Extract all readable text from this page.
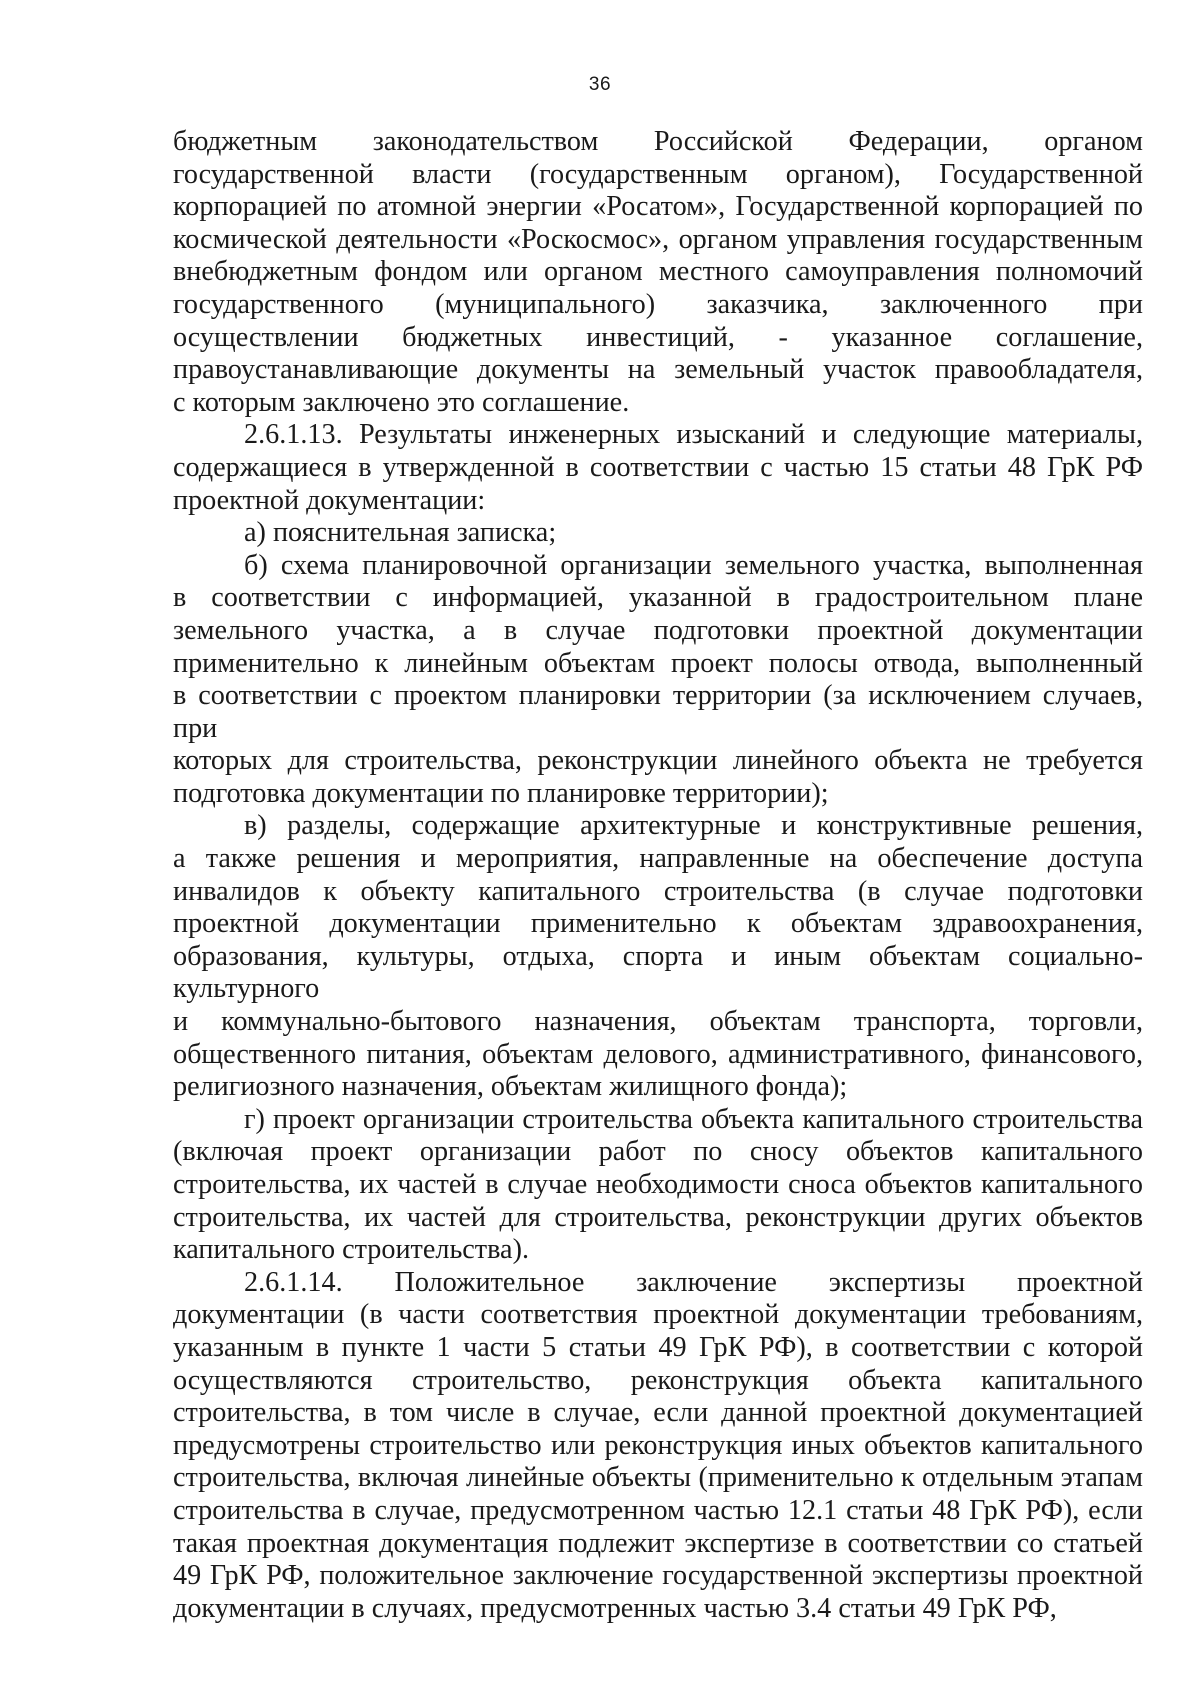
36

бюджетным законодательством Российской Федерации, органом
государственной власти (государственным органом), Государственной
корпорацией по атомной энергии «Росатом», Государственной корпорацией по
космической деятельности «Роскосмос», органом управления государственным
внебюджетным фондом или органом местного самоуправления полномочий
государственного (муниципального) заказчика, заключенного при
осуществлении бюджетных инвестиций, - указанное соглашение,
правоустанавливающие документы на земельный участок правообладателя,
с которым заключено это соглашение.

2.6.1.13. Результаты инженерных изысканий и следующие материалы,
содержащиеся в утвержденной в соответствии с частью 15 статьи 48 ГрК РФ
проектной документации:

а) пояснительная записка;

б) схема планировочной организации земельного участка, выполненная
в соответствии с информацией, указанной в градостроительном плане
земельного участка, а в случае подготовки проектной документации
применительно к линейным объектам проект полосы отвода, выполненный
в соответствии с проектом планировки территории (за исключением случаев, при
которых для строительства, реконструкции линейного объекта не требуется
подготовка документации по планировке территории);

в) разделы, содержащие архитектурные и конструктивные решения,
а также решения и мероприятия, направленные на обеспечение доступа
инвалидов к объекту капитального строительства (в случае подготовки
проектной документации применительно к объектам здравоохранения,
образования, культуры, отдыха, спорта и иным объектам социально-культурного
и коммунально-бытового назначения, объектам транспорта, торговли,
общественного питания, объектам делового, административного, финансового,
религиозного назначения, объектам жилищного фонда);

г) проект организации строительства объекта капитального строительства
(включая проект организации работ по сносу объектов капитального
строительства, их частей в случае необходимости сноса объектов капитального
строительства, их частей для строительства, реконструкции других объектов
капитального строительства).

2.6.1.14. Положительное заключение экспертизы проектной
документации (в части соответствия проектной документации требованиям,
указанным в пункте 1 части 5 статьи 49 ГрК РФ), в соответствии с которой
осуществляются строительство, реконструкция объекта капитального
строительства, в том числе в случае, если данной проектной документацией
предусмотрены строительство или реконструкция иных объектов капитального
строительства, включая линейные объекты (применительно к отдельным этапам
строительства в случае, предусмотренном частью 12.1 статьи 48 ГрК РФ), если
такая проектная документация подлежит экспертизе в соответствии со статьей
49 ГрК РФ, положительное заключение государственной экспертизы проектной
документации в случаях, предусмотренных частью 3.4 статьи 49 ГрК РФ,
